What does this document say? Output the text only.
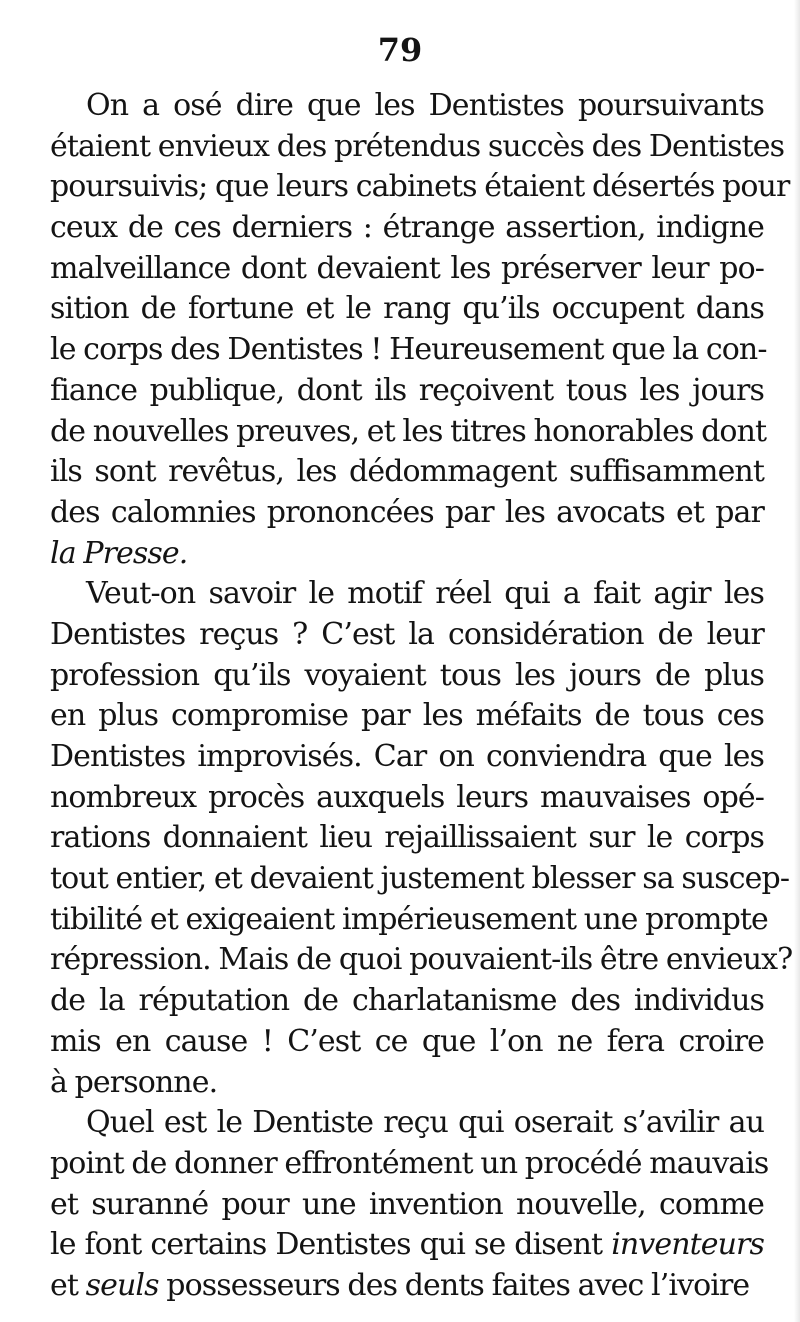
79
On a osé dire que les Dentistes poursuivants
étaient envieux des prétendus succès des Dentistes
poursuivis; que leurs cabinets étaient désertés pour
ceux de ces derniers : étrange assertion, indigne
malveillance dont devaient les préserver leur po-
sition de fortune et le rang qu’ils occupent dans
le corps des Dentistes ! Heureusement que la con-
fiance publique, dont ils reçoivent tous les jours
de nouvelles preuves, et les titres honorables dont
ils sont revêtus, les dédommagent suffisamment
des calomnies prononcées par les avocats et par
la Presse.
Veut-on savoir le motif réel qui a fait agir les
Dentistes reçus ? C’est la considération de leur
profession qu’ils voyaient tous les jours de plus
en plus compromise par les méfaits de tous ces
Dentistes improvisés. Car on conviendra que les
nombreux procès auxquels leurs mauvaises opé-
rations donnaient lieu rejaillissaient sur le corps
tout entier, et devaient justement blesser sa suscep-
tibilité et exigeaient impérieusement une prompte
répression. Mais de quoi pouvaient-ils être envieux?
de la réputation de charlatanisme des individus
mis en cause ! C’est ce que l’on ne fera croire
à personne.
Quel est le Dentiste reçu qui oserait s’avilir au
point de donner effrontément un procédé mauvais
et suranné pour une invention nouvelle, comme
le font certains Dentistes qui se disent inventeurs
et seuls possesseurs des dents faites avec l’ivoire
